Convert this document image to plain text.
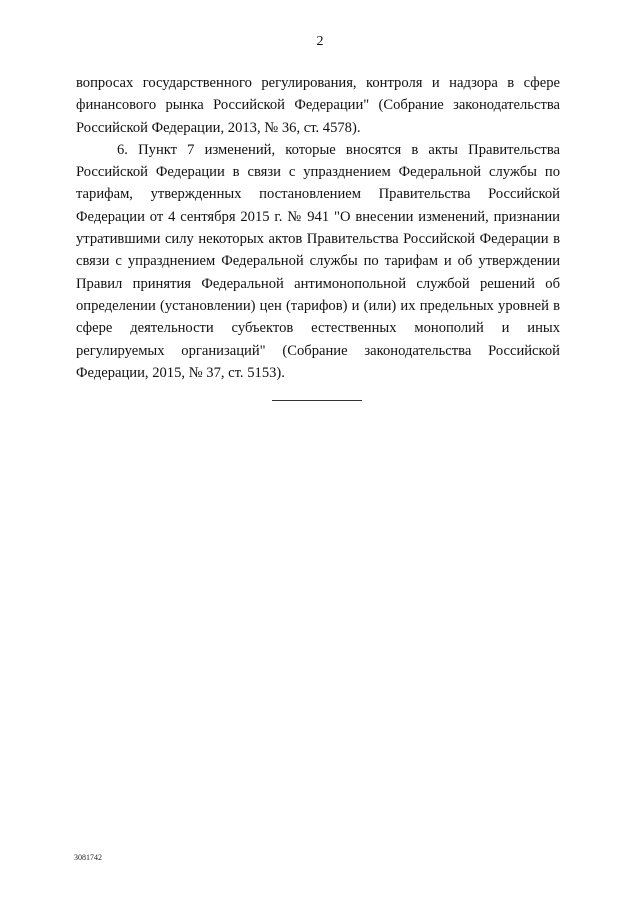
2

вопросах государственного регулирования, контроля и надзора в сфере финансового рынка Российской Федерации" (Собрание законодательства Российской Федерации, 2013, № 36, ст. 4578).

6. Пункт 7 изменений, которые вносятся в акты Правительства Российской Федерации в связи с упразднением Федеральной службы по тарифам, утвержденных постановлением Правительства Российской Федерации от 4 сентября 2015 г. № 941 "О внесении изменений, признании утратившими силу некоторых актов Правительства Российской Федерации в связи с упразднением Федеральной службы по тарифам и об утверждении Правил принятия Федеральной антимонопольной службой решений об определении (установлении) цен (тарифов) и (или) их предельных уровней в сфере деятельности субъектов естественных монополий и иных регулируемых организаций" (Собрание законодательства Российской Федерации, 2015, № 37, ст. 5153).

3081742
